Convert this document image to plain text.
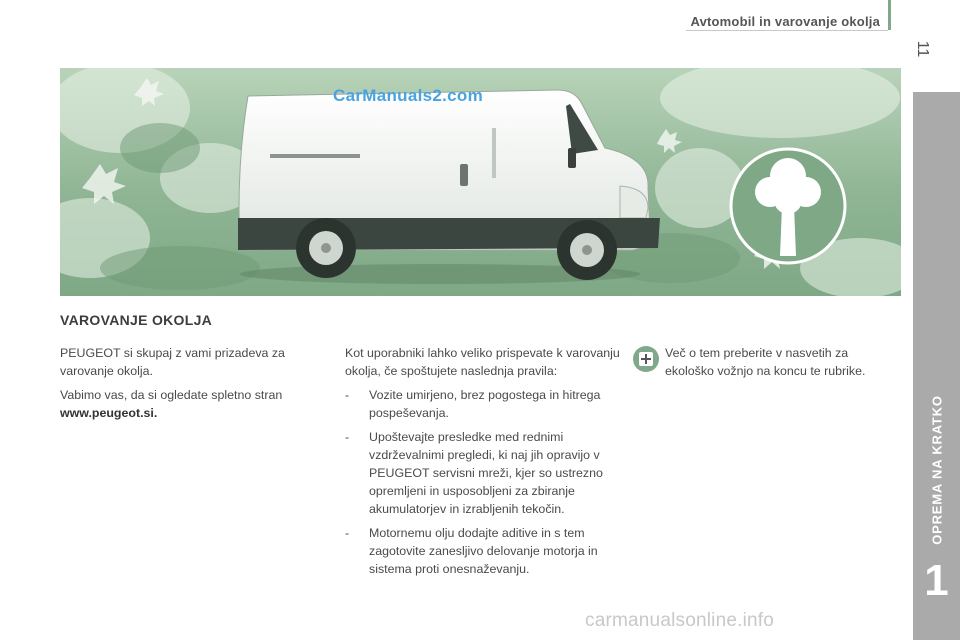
Avtomobil in varovanje okolja
11
OPREMA NA KRATKO
1
CarManuals2.com
VAROVANJE OKOLJA

PEUGEOT si skupaj z vami prizadeva za varovanje okolja.

Vabimo vas, da si ogledate spletno stran
www.peugeot.si.

Kot uporabniki lahko veliko prispevate k varovanju okolja, če spoštujete naslednja pravila:

- Vozite umirjeno, brez pogostega in hitrega pospeševanja.
- Upoštevajte presledke med rednimi vzdrževalnimi pregledi, ki naj jih opravijo v PEUGEOT servisni mreži, kjer so ustrezno opremljeni in usposobljeni za zbiranje akumulatorjev in izrabljenih tekočin.
- Motornemu olju dodajte aditive in s tem zagotovite zanesljivo delovanje motorja in sistema proti onesnaževanju.

Več o tem preberite v nasvetih za ekološko vožnjo na koncu te rubrike.

carmanualsonline.info
